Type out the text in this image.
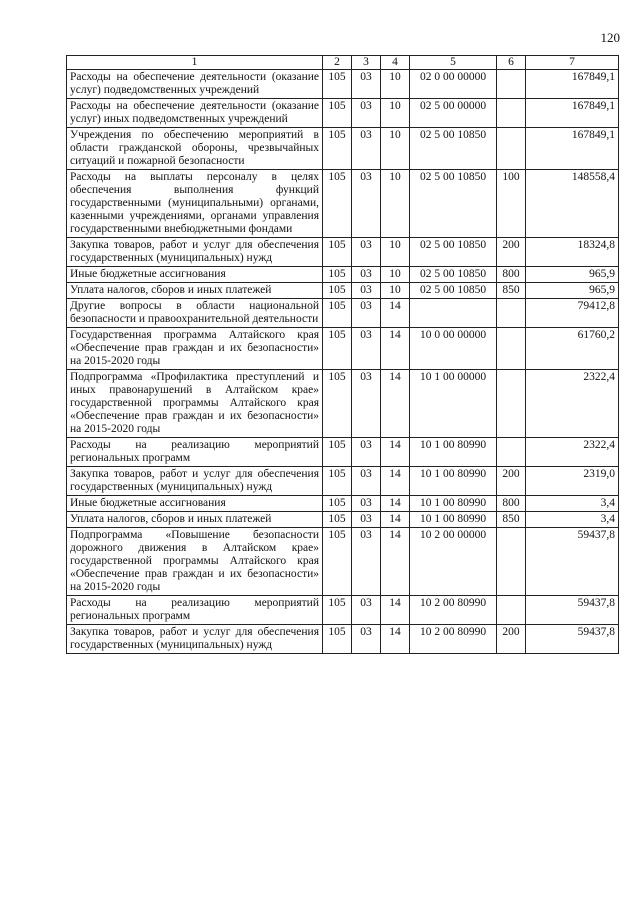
120
1	2	3	4	5	6	7
Расходы на обеспечение деятельности (оказание услуг) подведомственных учреждений	105	03	10	02 0 00 00000		167849,1
Расходы на обеспечение деятельности (оказание услуг) иных подведомственных учреждений	105	03	10	02 5 00 00000		167849,1
Учреждения по обеспечению мероприятий в области гражданской обороны, чрезвычайных ситуаций и пожарной безопасности	105	03	10	02 5 00 10850		167849,1
Расходы на выплаты персоналу в целях обеспечения выполнения функций государственными (муниципальными) органами, казенными учреждениями, органами управления государственными внебюджетными фондами	105	03	10	02 5 00 10850	100	148558,4
Закупка товаров, работ и услуг для обеспечения государственных (муниципальных) нужд	105	03	10	02 5 00 10850	200	18324,8
Иные бюджетные ассигнования	105	03	10	02 5 00 10850	800	965,9
Уплата налогов, сборов и иных платежей	105	03	10	02 5 00 10850	850	965,9
Другие вопросы в области национальной безопасности и правоохранительной деятельности	105	03	14			79412,8
Государственная программа Алтайского края «Обеспечение прав граждан и их безопасности» на 2015-2020 годы	105	03	14	10 0 00 00000		61760,2
Подпрограмма «Профилактика преступлений и иных правонарушений в Алтайском крае» государственной программы Алтайского края «Обеспечение прав граждан и их безопасности» на 2015-2020 годы	105	03	14	10 1 00 00000		2322,4
Расходы на реализацию мероприятий региональных программ	105	03	14	10 1 00 80990		2322,4
Закупка товаров, работ и услуг для обеспечения государственных (муниципальных) нужд	105	03	14	10 1 00 80990	200	2319,0
Иные бюджетные ассигнования	105	03	14	10 1 00 80990	800	3,4
Уплата налогов, сборов и иных платежей	105	03	14	10 1 00 80990	850	3,4
Подпрограмма «Повышение безопасности дорожного движения в Алтайском крае» государственной программы Алтайского края «Обеспечение прав граждан и их безопасности» на 2015-2020 годы	105	03	14	10 2 00 00000		59437,8
Расходы на реализацию мероприятий региональных программ	105	03	14	10 2 00 80990		59437,8
Закупка товаров, работ и услуг для обеспечения государственных (муниципальных) нужд	105	03	14	10 2 00 80990	200	59437,8
